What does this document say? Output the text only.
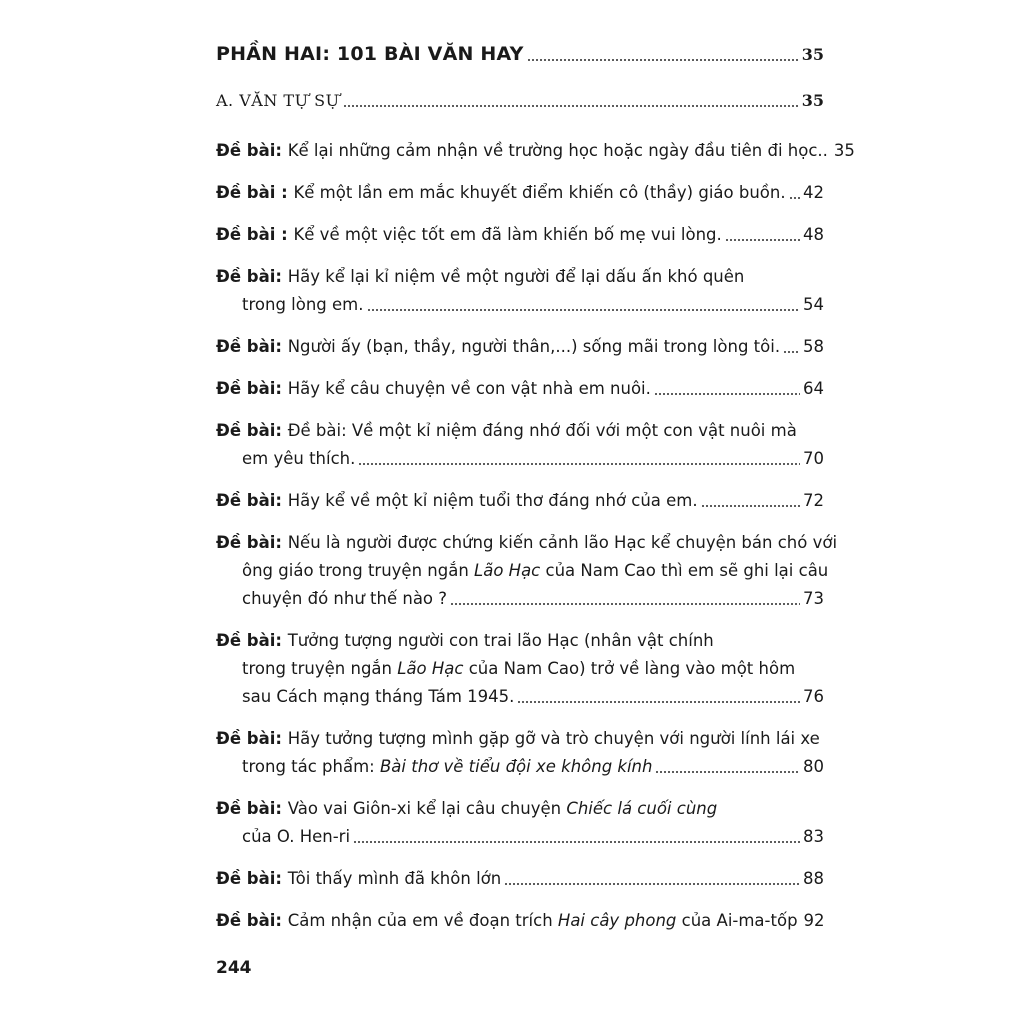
PHẦN HAI: 101 BÀI VĂN HAY	35
A. VĂN TỰ SỰ	35
Đề bài: Kể lại những cảm nhận về trường học hoặc ngày đầu tiên đi học.. 35
Đề bài : Kể một lần em mắc khuyết điểm khiến cô (thầy) giáo buồn. 42
Đề bài : Kể về một việc tốt em đã làm khiến bố mẹ vui lòng.	48
Đề bài: Hãy kể lại kỉ niệm về một người để lại dấu ấn khó quên
trong lòng em.	54
Đề bài: Người ấy (bạn, thầy, người thân,...) sống mãi trong lòng tôi. 58
Đề bài: Hãy kể câu chuyện về con vật nhà em nuôi.	64
Đề bài: Đề bài: Về một kỉ niệm đáng nhớ đối với một con vật nuôi mà
em yêu thích.	70
Đề bài: Hãy kể về một kỉ niệm tuổi thơ đáng nhớ của em.	72
Đề bài: Nếu là người được chứng kiến cảnh lão Hạc kể chuyện bán chó với
ông giáo trong truyện ngắn Lão Hạc của Nam Cao thì em sẽ ghi lại câu
chuyện đó như thế nào ?	73
Đề bài: Tưởng tượng người con trai lão Hạc (nhân vật chính
trong truyện ngắn Lão Hạc của Nam Cao) trở về làng vào một hôm
sau Cách mạng tháng Tám 1945.	76
Đề bài: Hãy tưởng tượng mình gặp gỡ và trò chuyện với người lính lái xe
trong tác phẩm: Bài thơ về tiểu đội xe không kính	80
Đề bài: Vào vai Giôn-xi kể lại câu chuyện Chiếc lá cuối cùng
của O. Hen-ri	83
Đề bài: Tôi thấy mình đã khôn lớn	88
Đề bài: Cảm nhận của em về đoạn trích Hai cây phong của Ai-ma-tốp 92
244
